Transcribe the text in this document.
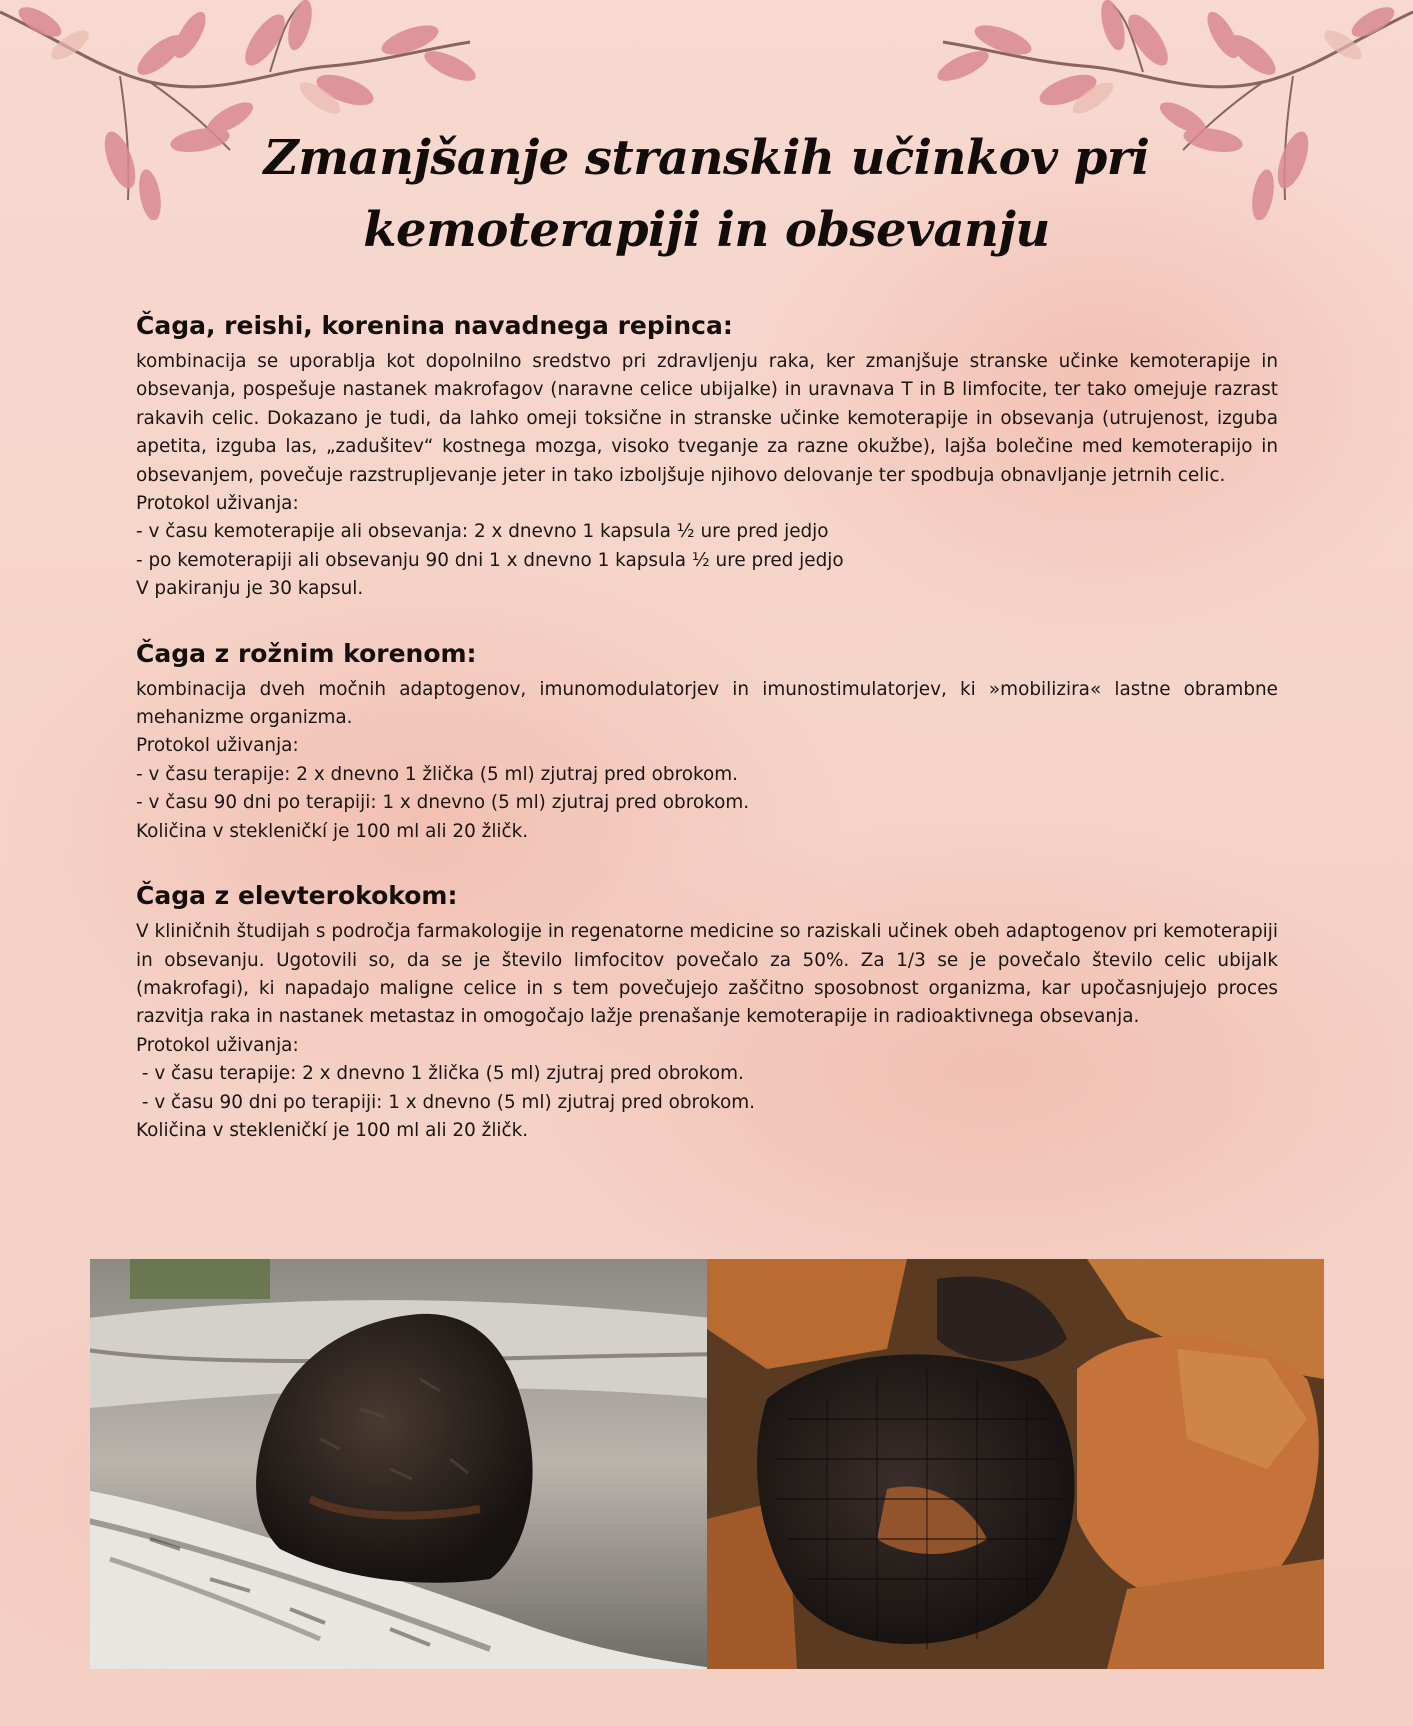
Zmanjšanje stranskih učinkov pri kemoterapiji in obsevanju
Čaga, reishi, korenina navadnega repinca:

kombinacija se uporablja kot dopolnilno sredstvo pri zdravljenju raka, ker zmanjšuje stranske učinke kemoterapije in obsevanja, pospešuje nastanek makrofagov (naravne celice ubijalke) in uravnava T in B limfocite, ter tako omejuje razrast rakavih celic. Dokazano je tudi, da lahko omeji toksične in stranske učinke kemoterapije in obsevanja (utrujenost, izguba apetita, izguba las, „zadušitev“ kostnega mozga, visoko tveganje za razne okužbe), lajša bolečine med kemoterapijo in obsevanjem, povečuje razstrupljevanje jeter in tako izboljšuje njihovo delovanje ter spodbuja obnavljanje jetrnih celic.

Protokol uživanja:

- v času kemoterapije ali obsevanja: 2 x dnevno 1 kapsula ½ ure pred jedjo

- po kemoterapiji ali obsevanju 90 dni 1 x dnevno 1 kapsula ½ ure pred jedjo

V pakiranju je 30 kapsul.

Čaga z rožnim korenom:

kombinacija dveh močnih adaptogenov, imunomodulatorjev in imunostimulatorjev, ki »mobilizira« lastne obrambne mehanizme organizma.

Protokol uživanja:

- v času terapije: 2 x dnevno 1 žlička (5 ml) zjutraj pred obrokom.

- v času 90 dni po terapiji: 1 x dnevno (5 ml) zjutraj pred obrokom.

Količina v stekleničkí je 100 ml ali 20 žličk.

Čaga z elevterokokom:

V kliničnih študijah s področja farmakologije in regenatorne medicine so raziskali učinek obeh adaptogenov pri kemoterapiji in obsevanju. Ugotovili so, da se je število limfocitov povečalo za 50%. Za 1/3 se je povečalo število celic ubijalk (makrofagi), ki napadajo maligne celice in s tem povečujejo zaščitno sposobnost organizma, kar upočasnjujejo proces razvitja raka in nastanek metastaz in omogočajo lažje prenašanje kemoterapije in radioaktivnega obsevanja.

Protokol uživanja:

- v času terapije: 2 x dnevno 1 žlička (5 ml) zjutraj pred obrokom.

- v času 90 dni po terapiji: 1 x dnevno (5 ml) zjutraj pred obrokom.

Količina v stekleničkí je 100 ml ali 20 žličk.
